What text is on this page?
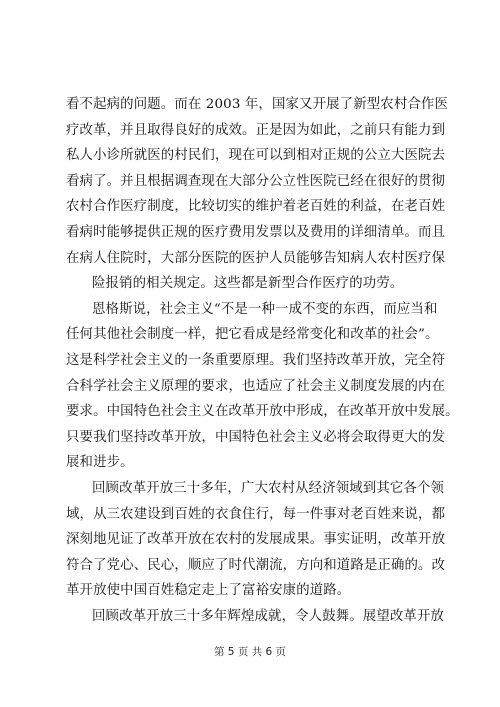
看不起病的问题。而在 2003 年，国家又开展了新型农村合作医
疗改革，并且取得良好的成效。正是因为如此，之前只有能力到
私人小诊所就医的村民们，现在可以到相对正规的公立大医院去
看病了。并且根据调查现在大部分公立性医院已经在很好的贯彻
农村合作医疗制度，比较切实的维护着老百姓的利益，在老百姓
看病时能够提供正规的医疗费用发票以及费用的详细清单。而且
在病人住院时，大部分医院的医护人员能够告知病人农村医疗保
险报销的相关规定。这些都是新型合作医疗的功劳。
恩格斯说，社会主义“不是一种一成不变的东西，而应当和
任何其他社会制度一样，把它看成是经常变化和改革的社会”。
这是科学社会主义的一条重要原理。我们坚持改革开放，完全符
合科学社会主义原理的要求，也适应了社会主义制度发展的内在
要求。中国特色社会主义在改革开放中形成，在改革开放中发展。
只要我们坚持改革开放，中国特色社会主义必将会取得更大的发
展和进步。
回顾改革开放三十多年，广大农村从经济领域到其它各个领
域，从三农建设到百姓的衣食住行，每一件事对老百姓来说，都
深刻地见证了改革开放在农村的发展成果。事实证明，改革开放
符合了党心、民心，顺应了时代潮流，方向和道路是正确的。改
革开放使中国百姓稳定走上了富裕安康的道路。
回顾改革开放三十多年辉煌成就，令人鼓舞。展望改革开放
第 5 页 共 6 页
